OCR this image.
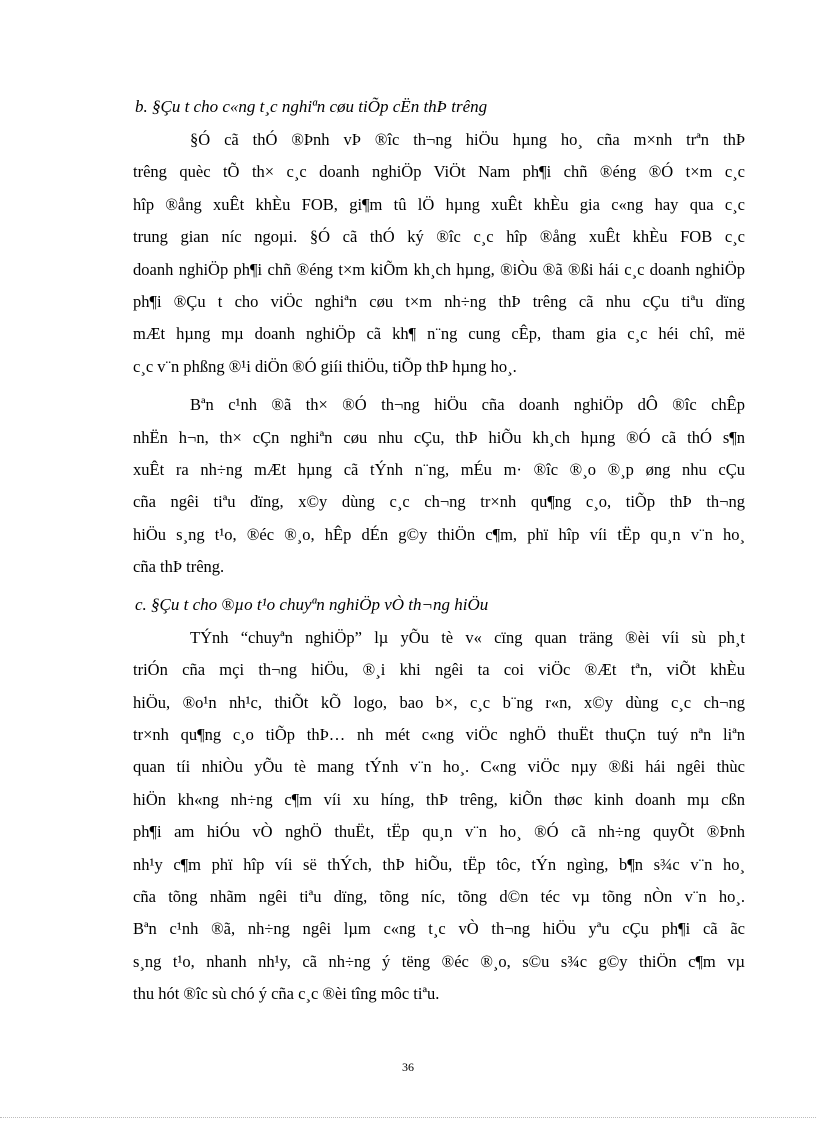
b. §Çu t cho c«ng t¸c nghiªn cøu tiÕp cËn thÞ trêng

§Ó cã thÓ ®Þnh vÞ ®îc th¬ng hiÖu hµng ho¸ cña m×nh trªn thÞ

trêng quèc tÕ th× c¸c doanh nghiÖp ViÖt Nam ph¶i chñ ®éng ®Ó t×m c¸c

hîp ®ång xuÊt khÈu FOB, gi¶m tû lÖ hµng xuÊt khÈu gia c«ng hay qua c¸c

trung gian níc ngoµi. §Ó cã thÓ ký ®îc c¸c hîp ®ång xuÊt khÈu FOB c¸c

doanh nghiÖp ph¶i chñ ®éng t×m kiÕm kh¸ch hµng, ®iÒu ®ã ®ßi hái c¸c doanh nghiÖp

ph¶i ®Çu t cho viÖc nghiªn cøu t×m nh÷ng thÞ trêng cã nhu cÇu tiªu dïng

mÆt hµng mµ doanh nghiÖp cã kh¶ n¨ng cung cÊp, tham gia c¸c héi chî, më

c¸c v¨n phßng ®¹i diÖn ®Ó giíi thiÖu, tiÕp thÞ hµng ho¸.

Bªn c¹nh ®ã th× ®Ó th¬ng hiÖu cña doanh nghiÖp dÔ ®îc chÊp

nhËn h¬n, th× cÇn nghiªn cøu nhu cÇu, thÞ hiÕu kh¸ch hµng ®Ó cã thÓ s¶n

xuÊt ra nh÷ng mÆt hµng cã tÝnh n¨ng, mÉu m· ®îc ®¸o ®¸p øng nhu cÇu

cña ngêi tiªu dïng, x©y dùng c¸c ch¬ng tr×nh qu¶ng c¸o, tiÕp thÞ th¬ng

hiÖu s¸ng t¹o, ®éc ®¸o, hÊp dÉn g©y thiÖn c¶m, phï hîp víi tËp qu¸n v¨n ho¸

cña thÞ trêng.

c. §Çu t cho ®µo t¹o chuyªn nghiÖp vÒ th¬ng hiÖu

TÝnh “chuyªn nghiÖp” lµ yÕu tè v« cïng quan träng ®èi víi sù ph¸t

triÓn cña mçi th¬ng hiÖu, ®¸i khi ngêi ta coi viÖc ®Æt tªn, viÕt khÈu

hiÖu, ®o¹n nh¹c, thiÕt kÕ logo, bao b×, c¸c b¨ng r«n, x©y dùng c¸c ch¬ng

tr×nh qu¶ng c¸o tiÕp thÞ… nh mét c«ng viÖc nghÖ thuËt thuÇn tuý nªn liªn

quan tíi nhiÒu yÕu tè mang tÝnh v¨n ho¸. C«ng viÖc nµy ®ßi hái ngêi thùc

hiÖn kh«ng nh÷ng c¶m víi xu híng, thÞ trêng, kiÕn thøc kinh doanh mµ cßn

ph¶i am hiÓu vÒ nghÖ thuËt, tËp qu¸n v¨n ho¸ ®Ó cã nh÷ng quyÕt ®Þnh

nh¹y c¶m phï hîp víi së thÝch, thÞ hiÕu, tËp tôc, tÝn ngìng, b¶n s¾c v¨n ho¸

cña tõng nhãm ngêi tiªu dïng, tõng níc, tõng d©n téc vµ tõng nÒn v¨n ho¸.

Bªn c¹nh ®ã, nh÷ng ngêi lµm c«ng t¸c vÒ th¬ng hiÖu yªu cÇu ph¶i cã ãc

s¸ng t¹o, nhanh nh¹y, cã nh÷ng ý tëng ®éc ®¸o, s©u s¾c g©y thiÖn c¶m vµ

thu hót ®îc sù chó ý cña c¸c ®èi tîng môc tiªu.

36
